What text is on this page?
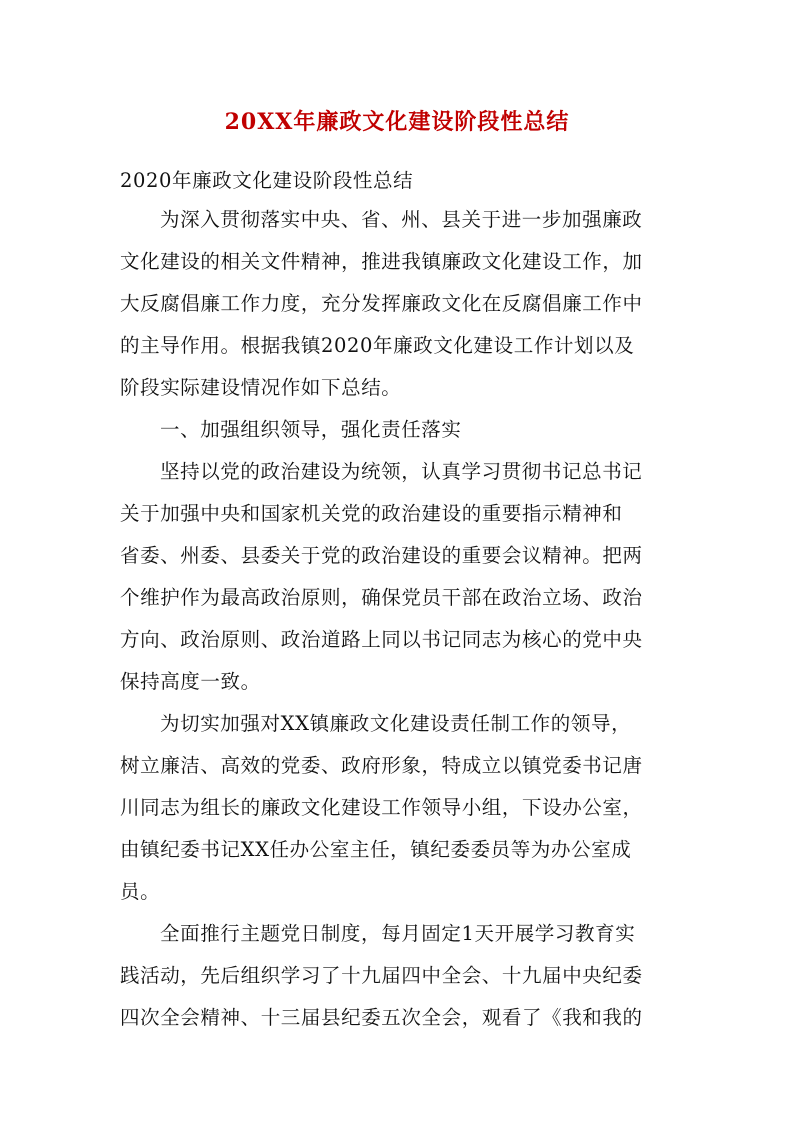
20XX年廉政文化建设阶段性总结
2020年廉政文化建设阶段性总结
为深入贯彻落实中央、省、州、县关于进一步加强廉政
文化建设的相关文件精神，推进我镇廉政文化建设工作，加
大反腐倡廉工作力度，充分发挥廉政文化在反腐倡廉工作中
的主导作用。根据我镇2020年廉政文化建设工作计划以及
阶段实际建设情况作如下总结。
一、加强组织领导，强化责任落实
坚持以党的政治建设为统领，认真学习贯彻书记总书记
关于加强中央和国家机关党的政治建设的重要指示精神和
省委、州委、县委关于党的政治建设的重要会议精神。把两
个维护作为最高政治原则，确保党员干部在政治立场、政治
方向、政治原则、政治道路上同以书记同志为核心的党中央
保持高度一致。
为切实加强对XX镇廉政文化建设责任制工作的领导，
树立廉洁、高效的党委、政府形象，特成立以镇党委书记唐
川同志为组长的廉政文化建设工作领导小组，下设办公室，
由镇纪委书记XX任办公室主任，镇纪委委员等为办公室成
员。
全面推行主题党日制度，每月固定1天开展学习教育实
践活动，先后组织学习了十九届四中全会、十九届中央纪委
四次全会精神、十三届县纪委五次全会，观看了《我和我的
